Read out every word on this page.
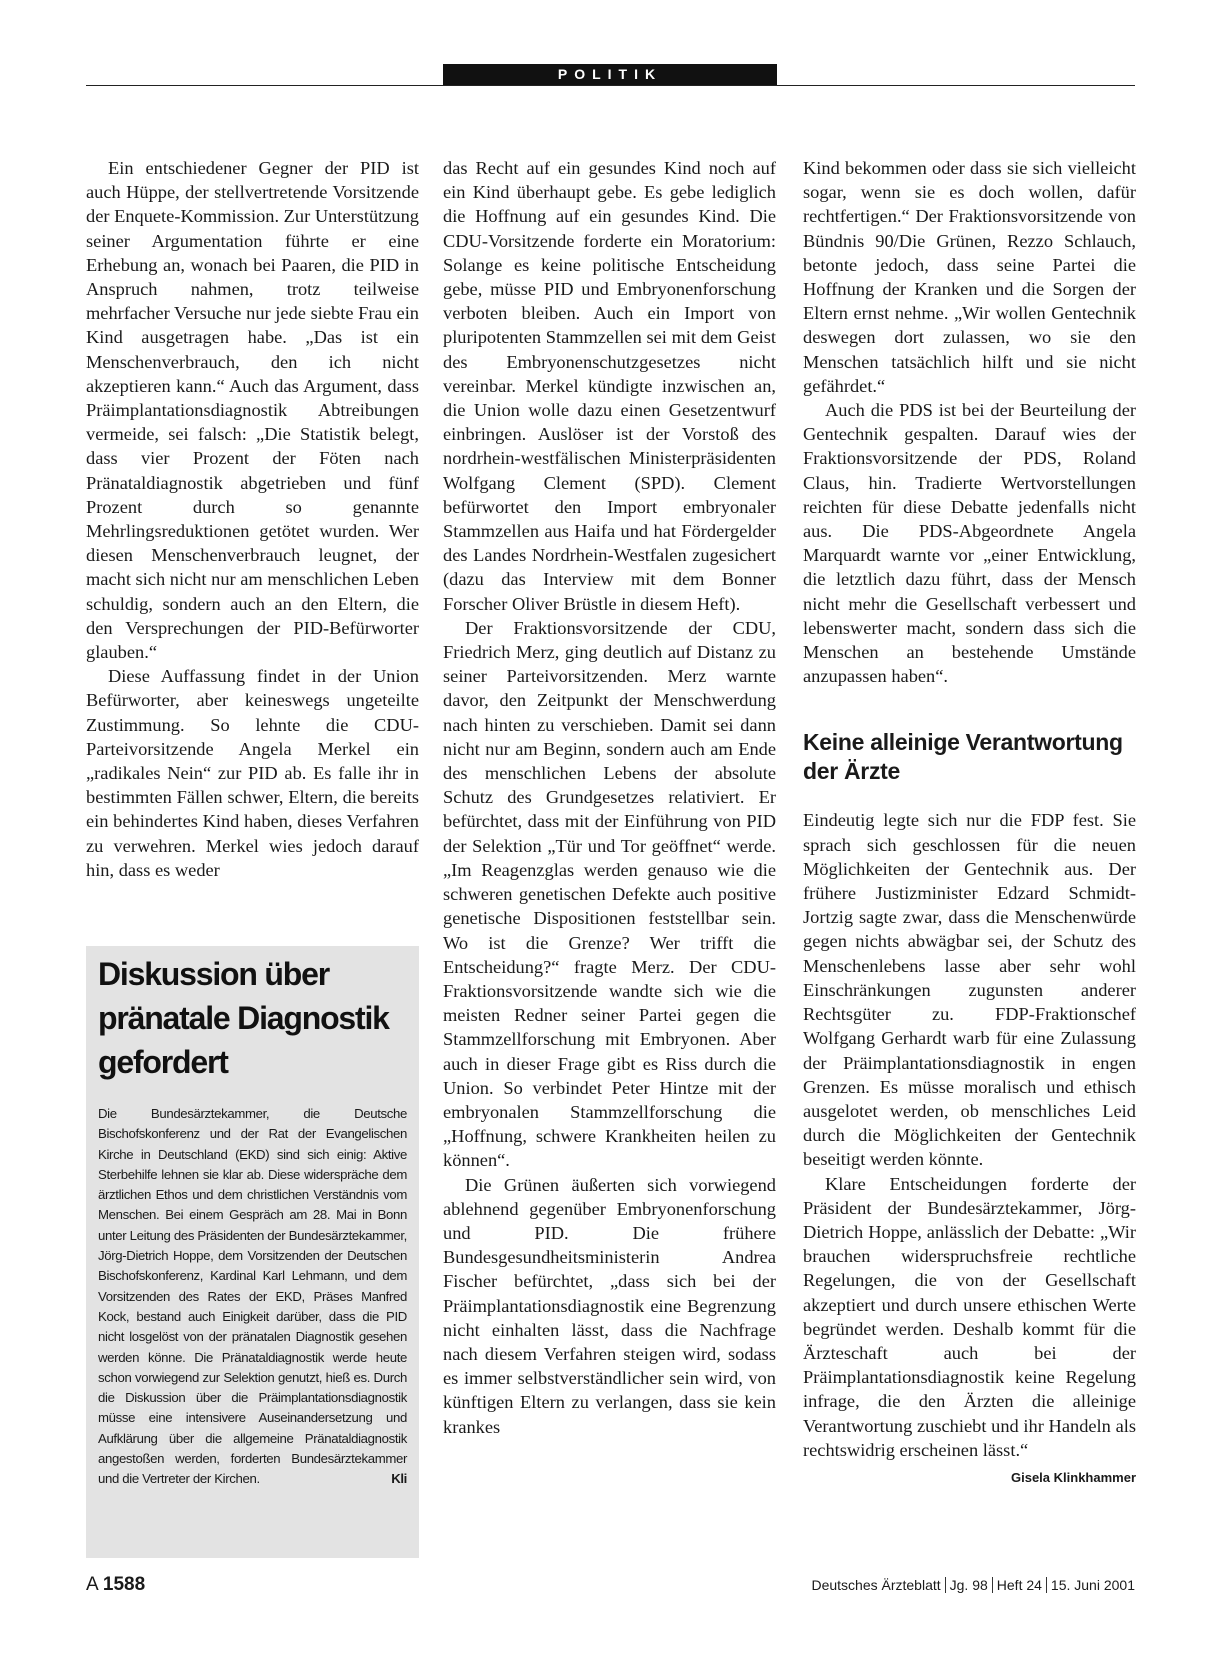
POLITIK

Ein entschiedener Gegner der PID ist auch Hüppe, der stellvertretende Vorsitzende der Enquete-Kommission. Zur Unterstützung seiner Argumentation führte er eine Erhebung an, wonach bei Paaren, die PID in Anspruch nahmen, trotz teilweise mehrfacher Versuche nur jede siebte Frau ein Kind ausgetragen habe. „Das ist ein Menschenverbrauch, den ich nicht akzeptieren kann.“ Auch das Argument, dass Präimplantationsdiagnostik Abtreibungen vermeide, sei falsch: „Die Statistik belegt, dass vier Prozent der Föten nach Pränataldiagnostik abgetrieben und fünf Prozent durch so genannte Mehrlingsreduktionen getötet wurden. Wer diesen Menschenverbrauch leugnet, der macht sich nicht nur am menschlichen Leben schuldig, sondern auch an den Eltern, die den Versprechungen der PID-Befürworter glauben.“

Diese Auffassung findet in der Union Befürworter, aber keineswegs ungeteilte Zustimmung. So lehnte die CDU-Parteivorsitzende Angela Merkel ein „radikales Nein“ zur PID ab. Es falle ihr in bestimmten Fällen schwer, Eltern, die bereits ein behindertes Kind haben, dieses Verfahren zu verwehren. Merkel wies jedoch darauf hin, dass es weder

Diskussion über pränatale Diagnostik gefordert
Die Bundesärztekammer, die Deutsche Bischofskonferenz und der Rat der Evangelischen Kirche in Deutschland (EKD) sind sich einig: Aktive Sterbehilfe lehnen sie klar ab. Diese widerspräche dem ärztlichen Ethos und dem christlichen Verständnis vom Menschen. Bei einem Gespräch am 28. Mai in Bonn unter Leitung des Präsidenten der Bundesärztekammer, Jörg-Dietrich Hoppe, dem Vorsitzenden der Deutschen Bischofskonferenz, Kardinal Karl Lehmann, und dem Vorsitzenden des Rates der EKD, Präses Manfred Kock, bestand auch Einigkeit darüber, dass die PID nicht losgelöst von der pränatalen Diagnostik gesehen werden könne. Die Pränataldiagnostik werde heute schon vorwiegend zur Selektion genutzt, hieß es. Durch die Diskussion über die Präimplantationsdiagnostik müsse eine intensivere Auseinandersetzung und Aufklärung über die allgemeine Pränataldiagnostik angestoßen werden, forderten Bundesärztekammer und die Vertreter der Kirchen.	Kli

das Recht auf ein gesundes Kind noch auf ein Kind überhaupt gebe. Es gebe lediglich die Hoffnung auf ein gesundes Kind. Die CDU-Vorsitzende forderte ein Moratorium: Solange es keine politische Entscheidung gebe, müsse PID und Embryonenforschung verboten bleiben. Auch ein Import von pluripotenten Stammzellen sei mit dem Geist des Embryonenschutzgesetzes nicht vereinbar. Merkel kündigte inzwischen an, die Union wolle dazu einen Gesetzentwurf einbringen. Auslöser ist der Vorstoß des nordrhein-westfälischen Ministerpräsidenten Wolfgang Clement (SPD). Clement befürwortet den Import embryonaler Stammzellen aus Haifa und hat Fördergelder des Landes Nordrhein-Westfalen zugesichert (dazu das Interview mit dem Bonner Forscher Oliver Brüstle in diesem Heft).

Der Fraktionsvorsitzende der CDU, Friedrich Merz, ging deutlich auf Distanz zu seiner Parteivorsitzenden. Merz warnte davor, den Zeitpunkt der Menschwerdung nach hinten zu verschieben. Damit sei dann nicht nur am Beginn, sondern auch am Ende des menschlichen Lebens der absolute Schutz des Grundgesetzes relativiert. Er befürchtet, dass mit der Einführung von PID der Selektion „Tür und Tor geöffnet“ werde. „Im Reagenzglas werden genauso wie die schweren genetischen Defekte auch positive genetische Dispositionen feststellbar sein. Wo ist die Grenze? Wer trifft die Entscheidung?“ fragte Merz. Der CDU-Fraktionsvorsitzende wandte sich wie die meisten Redner seiner Partei gegen die Stammzellforschung mit Embryonen. Aber auch in dieser Frage gibt es Riss durch die Union. So verbindet Peter Hintze mit der embryonalen Stammzellforschung die „Hoffnung, schwere Krankheiten heilen zu können“.

Die Grünen äußerten sich vorwiegend ablehnend gegenüber Embryonenforschung und PID. Die frühere Bundesgesundheitsministerin Andrea Fischer befürchtet, „dass sich bei der Präimplantationsdiagnostik eine Begrenzung nicht einhalten lässt, dass die Nachfrage nach diesem Verfahren steigen wird, sodass es immer selbstverständlicher sein wird, von künftigen Eltern zu verlangen, dass sie kein krankes

Kind bekommen oder dass sie sich vielleicht sogar, wenn sie es doch wollen, dafür rechtfertigen.“ Der Fraktionsvorsitzende von Bündnis 90/Die Grünen, Rezzo Schlauch, betonte jedoch, dass seine Partei die Hoffnung der Kranken und die Sorgen der Eltern ernst nehme. „Wir wollen Gentechnik deswegen dort zulassen, wo sie den Menschen tatsächlich hilft und sie nicht gefährdet.“

Auch die PDS ist bei der Beurteilung der Gentechnik gespalten. Darauf wies der Fraktionsvorsitzende der PDS, Roland Claus, hin. Tradierte Wertvorstellungen reichten für diese Debatte jedenfalls nicht aus. Die PDS-Abgeordnete Angela Marquardt warnte vor „einer Entwicklung, die letztlich dazu führt, dass der Mensch nicht mehr die Gesellschaft verbessert und lebenswerter macht, sondern dass sich die Menschen an bestehende Umstände anzupassen haben“.

Keine alleinige Verantwortung der Ärzte

Eindeutig legte sich nur die FDP fest. Sie sprach sich geschlossen für die neuen Möglichkeiten der Gentechnik aus. Der frühere Justizminister Edzard Schmidt-Jortzig sagte zwar, dass die Menschenwürde gegen nichts abwägbar sei, der Schutz des Menschenlebens lasse aber sehr wohl Einschränkungen zugunsten anderer Rechtsgüter zu. FDP-Fraktionschef Wolfgang Gerhardt warb für eine Zulassung der Präimplantationsdiagnostik in engen Grenzen. Es müsse moralisch und ethisch ausgelotet werden, ob menschliches Leid durch die Möglichkeiten der Gentechnik beseitigt werden könnte.

Klare Entscheidungen forderte der Präsident der Bundesärztekammer, Jörg-Dietrich Hoppe, anlässlich der Debatte: „Wir brauchen widerspruchsfreie rechtliche Regelungen, die von der Gesellschaft akzeptiert und durch unsere ethischen Werte begründet werden. Deshalb kommt für die Ärzteschaft auch bei der Präimplantationsdiagnostik keine Regelung infrage, die den Ärzten die alleinige Verantwortung zuschiebt und ihr Handeln als rechtswidrig erscheinen lässt.“
Gisela Klinkhammer

A 1588	Deutsches Ärzteblatt Jg. 98 Heft 24 15. Juni 2001
